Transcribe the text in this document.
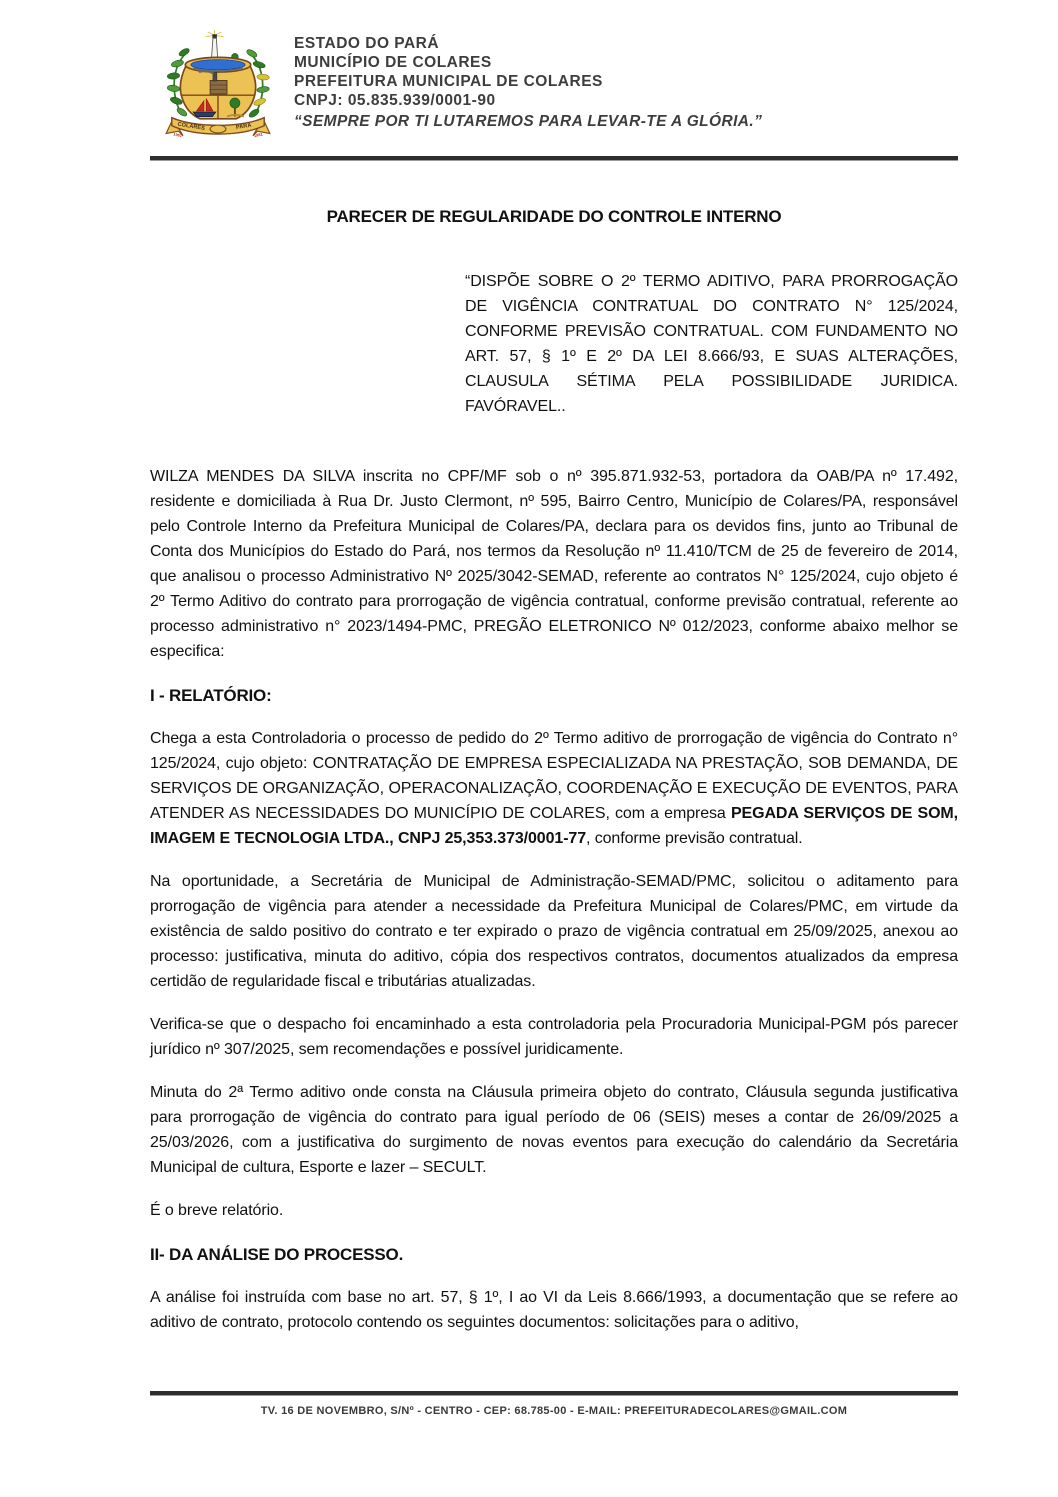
COLARES	PARÁ
1961	1981
ESTADO DO PARÁ
MUNICÍPIO DE COLARES
PREFEITURA MUNICIPAL DE COLARES
CNPJ: 05.835.939/0001-90
“SEMPRE POR TI LUTAREMOS PARA LEVAR-TE A GLÓRIA.”
PARECER DE REGULARIDADE DO CONTROLE INTERNO

“DISPÕE SOBRE O 2º TERMO ADITIVO, PARA PRORROGAÇÃO DE VIGÊNCIA CONTRATUAL DO CONTRATO N° 125/2024, CONFORME PREVISÃO CONTRATUAL. COM FUNDAMENTO NO ART. 57, § 1º E 2º DA LEI 8.666/93, E SUAS ALTERAÇÕES, CLAUSULA SÉTIMA PELA POSSIBILIDADE JURIDICA. FAVÓRAVEL..

WILZA MENDES DA SILVA inscrita no CPF/MF sob o nº 395.871.932-53, portadora da OAB/PA nº 17.492, residente e domiciliada à Rua Dr. Justo Clermont, nº 595, Bairro Centro, Município de Colares/PA, responsável pelo Controle Interno da Prefeitura Municipal de Colares/PA, declara para os devidos fins, junto ao Tribunal de Conta dos Municípios do Estado do Pará, nos termos da Resolução nº 11.410/TCM de 25 de fevereiro de 2014, que analisou o processo Administrativo Nº 2025/3042-SEMAD, referente ao contratos N° 125/2024, cujo objeto é 2º Termo Aditivo do contrato para prorrogação de vigência contratual, conforme previsão contratual, referente ao processo administrativo n° 2023/1494-PMC, PREGÃO ELETRONICO Nº 012/2023, conforme abaixo melhor se especifica:

I - RELATÓRIO:

Chega a esta Controladoria o processo de pedido do 2º Termo aditivo de prorrogação de vigência do Contrato n° 125/2024, cujo objeto: CONTRATAÇÃO DE EMPRESA ESPECIALIZADA NA PRESTAÇÃO, SOB DEMANDA, DE SERVIÇOS DE ORGANIZAÇÃO, OPERACONALIZAÇÃO, COORDENAÇÃO E EXECUÇÃO DE EVENTOS, PARA ATENDER AS NECESSIDADES DO MUNICÍPIO DE COLARES, com a empresa PEGADA SERVIÇOS DE SOM, IMAGEM E TECNOLOGIA LTDA., CNPJ 25,353.373/0001-77, conforme previsão contratual.

Na oportunidade, a Secretária de Municipal de Administração-SEMAD/PMC, solicitou o aditamento para prorrogação de vigência para atender a necessidade da Prefeitura Municipal de Colares/PMC, em virtude da existência de saldo positivo do contrato e ter expirado o prazo de vigência contratual em 25/09/2025, anexou ao processo: justificativa, minuta do aditivo, cópia dos respectivos contratos, documentos atualizados da empresa certidão de regularidade fiscal e tributárias atualizadas.

Verifica-se que o despacho foi encaminhado a esta controladoria pela Procuradoria Municipal-PGM pós parecer jurídico nº 307/2025, sem recomendações e possível juridicamente.

Minuta do 2ª Termo aditivo onde consta na Cláusula primeira objeto do contrato, Cláusula segunda justificativa para prorrogação de vigência do contrato para igual período de 06 (SEIS) meses a contar de 26/09/2025 a 25/03/2026, com a justificativa do surgimento de novas eventos para execução do calendário da Secretária Municipal de cultura, Esporte e lazer – SECULT.

É o breve relatório.

II- DA ANÁLISE DO PROCESSO.

A análise foi instruída com base no art. 57, § 1º, I ao VI da Leis 8.666/1993, a documentação que se refere ao aditivo de contrato, protocolo contendo os seguintes documentos: solicitações para o aditivo,

TV. 16 DE NOVEMBRO, S/Nº - CENTRO - CEP: 68.785-00 - E-MAIL: PREFEITURADECOLARES@GMAIL.COM
